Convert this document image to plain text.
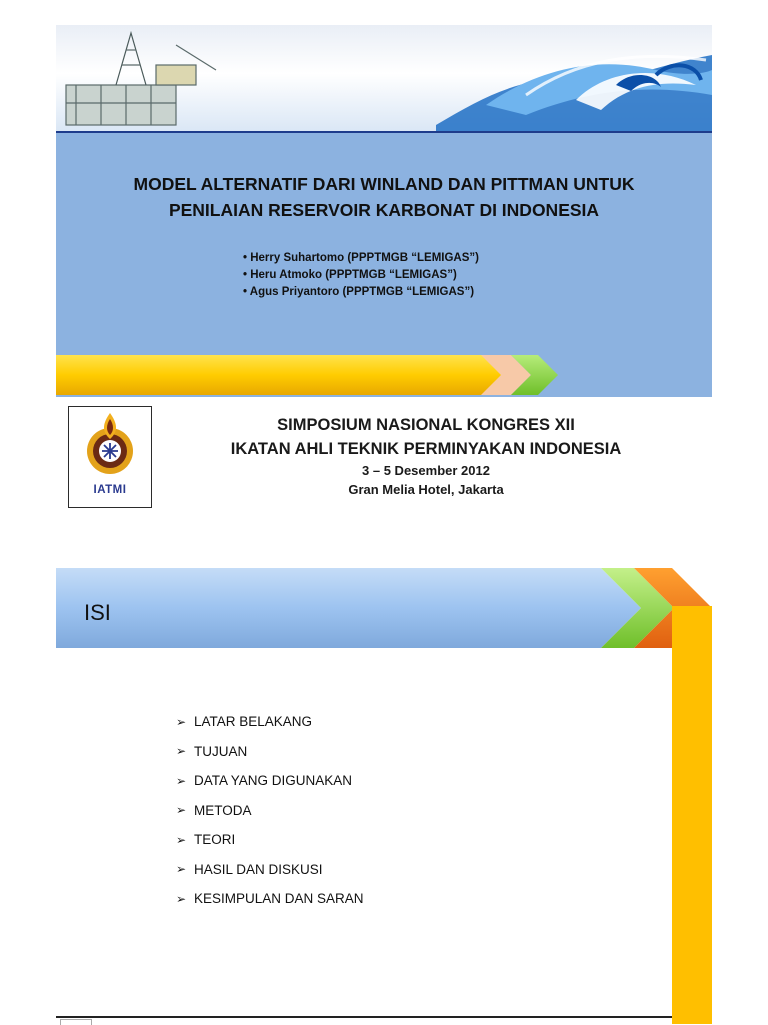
MODEL ALTERNATIF DARI WINLAND DAN PITTMAN UNTUK
PENILAIAN RESERVOIR KARBONAT DI INDONESIA
• Herry Suhartomo (PPPTMGB “LEMIGAS”)
• Heru Atmoko (PPPTMGB “LEMIGAS”)
• Agus Priyantoro (PPPTMGB “LEMIGAS”)
IATMI
SIMPOSIUM NASIONAL KONGRES XII
IKATAN AHLI TEKNIK PERMINYAKAN INDONESIA
3 – 5 Desember 2012
Gran Melia Hotel, Jakarta
ISI
➢ LATAR BELAKANG
➢ TUJUAN
➢ DATA YANG DIGUNAKAN
➢ METODA
➢ TEORI
➢ HASIL DAN DISKUSI
➢ KESIMPULAN DAN SARAN
